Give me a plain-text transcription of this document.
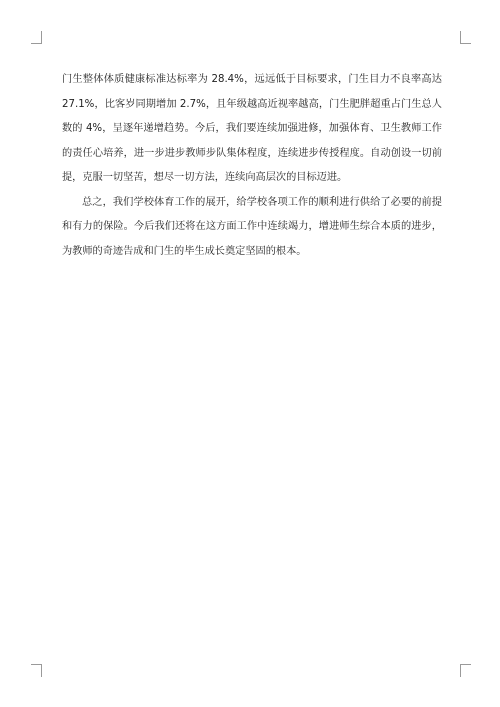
门生整体体质健康标准达标率为 28.4%，远远低于目标要求，门生目力不良率高达 27.1%，比客岁同期增加 2.7%，且年级越高近视率越高，门生肥胖超重占门生总人数的 4%，呈逐年递增趋势。今后，我们要连续加强进修，加强体育、卫生教师工作的责任心培养，进一步进步教师步队集体程度，连续进步传授程度。自动创设一切前提，克服一切坚苦，想尽一切方法，连续向高层次的目标迈进。

总之，我们学校体育工作的展开，给学校各项工作的顺利进行供给了必要的前提和有力的保险。今后我们还将在这方面工作中连续竭力，增进师生综合本质的进步，为教师的奇迹告成和门生的毕生成长奠定坚固的根本。
